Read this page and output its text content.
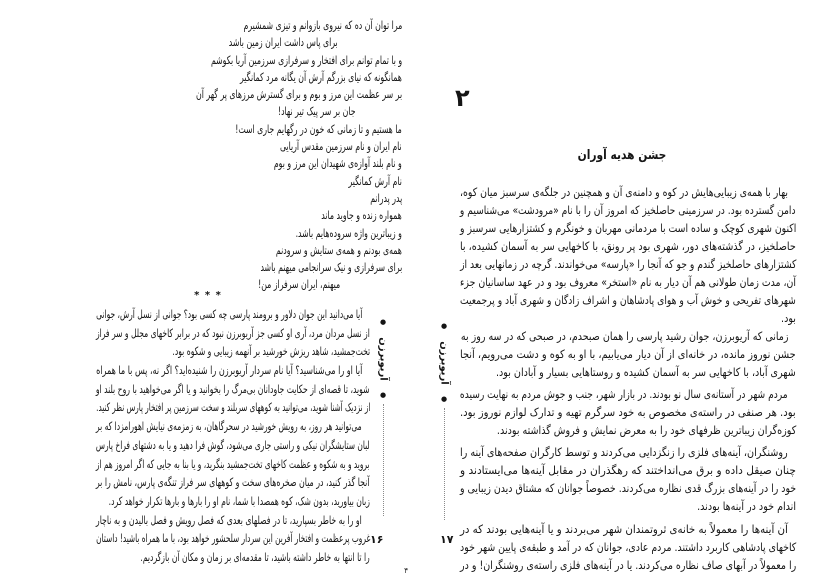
مرا توان آن ده که نیروی بازوانم و تیزی شمشیرم
برای پاس داشت ایران زمین باشد
و با تمام توانم برای افتخار و سرفرازی سرزمین آریا بکوشم
همانگونه که نیای بزرگم آرش آن یگانه مرد کمانگیر
بر سر عظمت این مرز و بوم و برای گسترش مرزهای پر گهر آن
جان بر سر پیک تیر نهاد!
ما هستیم و تا زمانی که خون در رگهایم جاری است!
نام ایران و نام سرزمین مقدس آریایی
و نام بلند آوازه‌ی شهیدان این مرز و بوم
نام آرش کمانگیر
پدر پدرانم
همواره زنده و جاوید ماند
و زیباترین واژه سروده‌هایم باشد.
همه‌ی بودنم و همه‌ی ستایش و سرودنم
برای سرفرازی و نیک سرانجامی میهنم باشد
میهنم، ایران سرفراز من!
* * *
آیا می‌دانید این جوان دلاور و برومند پارسی چه کسی بود؟ جوانی از نسل آرش، جوانی
از نسل مردان مرد، آری او کسی جز آریوبرزن نبود که در برابر کاخهای مجلل و سر فراز
تخت‌جمشید، شاهد ریزش خورشید بر آنهمه زیبایی و شکوه بود.
آیا او را می‌شناسید؟ آیا نام سردار آریوبرزن را شنیده‌اید؟ اگر نه، پس با ما همراه
شوید، تا قصه‌ای از حکایت جاودانان بی‌مرگ را بخوانید و یا اگر می‌خواهید با روح بلند او
از نزدیک آشنا شوید، می‌توانید به کوههای سربلند و سخت سرزمین پر افتخار پارس نظر کنید.
می‌توانید هر روز، به رویش خورشید در سحرگاهان، به زمزمه‌ی نیایش اهورامزدا که بر
لبان ستایشگران نیکی و راستی جاری می‌شود، گوش فرا دهید و یا به دشتهای فراخ پارس
بروید و به شکوه و عظمت کاخهای تخت‌جمشید بنگرید، و یا بنا به جایی که اگر امروز هم از
آنجا گذر کنید، در میان صخره‌های سخت و کوههای سر فراز تنگه‌ی پارس، نامش را بر
زبان بیاورید، بدون شک، کوه همصدا با شما، نام او را بارها و بارها تکرار خواهد کرد.
او را به خاطر بسپارید، تا در فصلهای بعدی که فصل رویش و فصل بالیدن و به ناچار
غروب پرعظمت و افتخار آفرین این سردار سلحشور خواهد بود، با ما همراه باشید! داستان
را تا انتها به خاطر داشته باشید، تا مقدمه‌ای بر زمان و مکان آن بازگردیم.
●
آریوبرزن
●
۱۶
۲
جشن هدیه آوران
بهار با همه‌ی زیبایی‌هایش در کوه و دامنه‌ی آن و همچنین در جلگه‌ی سرسبز میان کوه،
دامن گسترده بود. در سرزمینی حاصلخیز که امروز آن را با نام «مرودشت» می‌شناسیم و
اکنون شهری کوچک و ساده است با مردمانی مهربان و خونگرم و کشتزارهایی سرسبز و
حاصلخیز، در گذشته‌های دور، شهری بود پر رونق، با کاخهایی سر به آسمان کشیده، با
کشتزارهای حاصلخیز گندم و جو که آنجا را «پارسه» می‌خواندند. گرچه در زمانهایی بعد از
آن، مدت زمان طولانی هم آن دیار به نام «استخر» معروف بود و در عهد ساسانیان جزء
شهرهای تفریحی و خوش آب و هوای پادشاهان و اشراف زادگان و شهری آباد و پرجمعیت
بود.
زمانی که آریوبرزن، جوان رشید پارسی را همان صبحدم، در صبحی که در سه روز به
جشن نوروز مانده، در خانه‌ای از آن دیار می‌یابیم، با او به کوه و دشت می‌رویم، آنجا
شهری آباد، با کاخهایی سر به آسمان کشیده و روستاهایی بسیار و آبادان بود.
مردم شهر در آستانه‌ی سال نو بودند. در بازار شهر، جنب و جوش مردم به نهایت رسیده
بود. هر صنفی در راسته‌ی مخصوص به خود سرگرم تهیه و تدارک لوازم نوروز بود.
کوزه‌گران زیباترین ظرفهای خود را به معرض نمایش و فروش گذاشته بودند.
روشنگران، آینه‌های فلزی را زنگزدایی می‌کردند و توسط کارگران صفحه‌های آینه را
چنان صیقل داده و برق می‌انداختند که رهگذران در مقابل آینه‌ها می‌ایستادند و
خود را در آینه‌های بزرگ قدی نظاره می‌کردند. خصوصاً جوانان که مشتاق دیدن زیبایی و
اندام خود در آینه‌ها بودند.
آن آینه‌ها را معمولاً به خانه‌ی ثروتمندان شهر می‌بردند و یا آینه‌هایی بودند که در
کاخهای پادشاهی کاربرد داشتند. مردم عادی، جوانان که در آمد و طبقه‌ی پایین شهر خود
را معمولاً در آبهای صاف نظاره می‌کردند. یا در آینه‌های فلزی راسته‌ی روشنگران! و در
●
آریوبرزن
●
۱۷
۴
